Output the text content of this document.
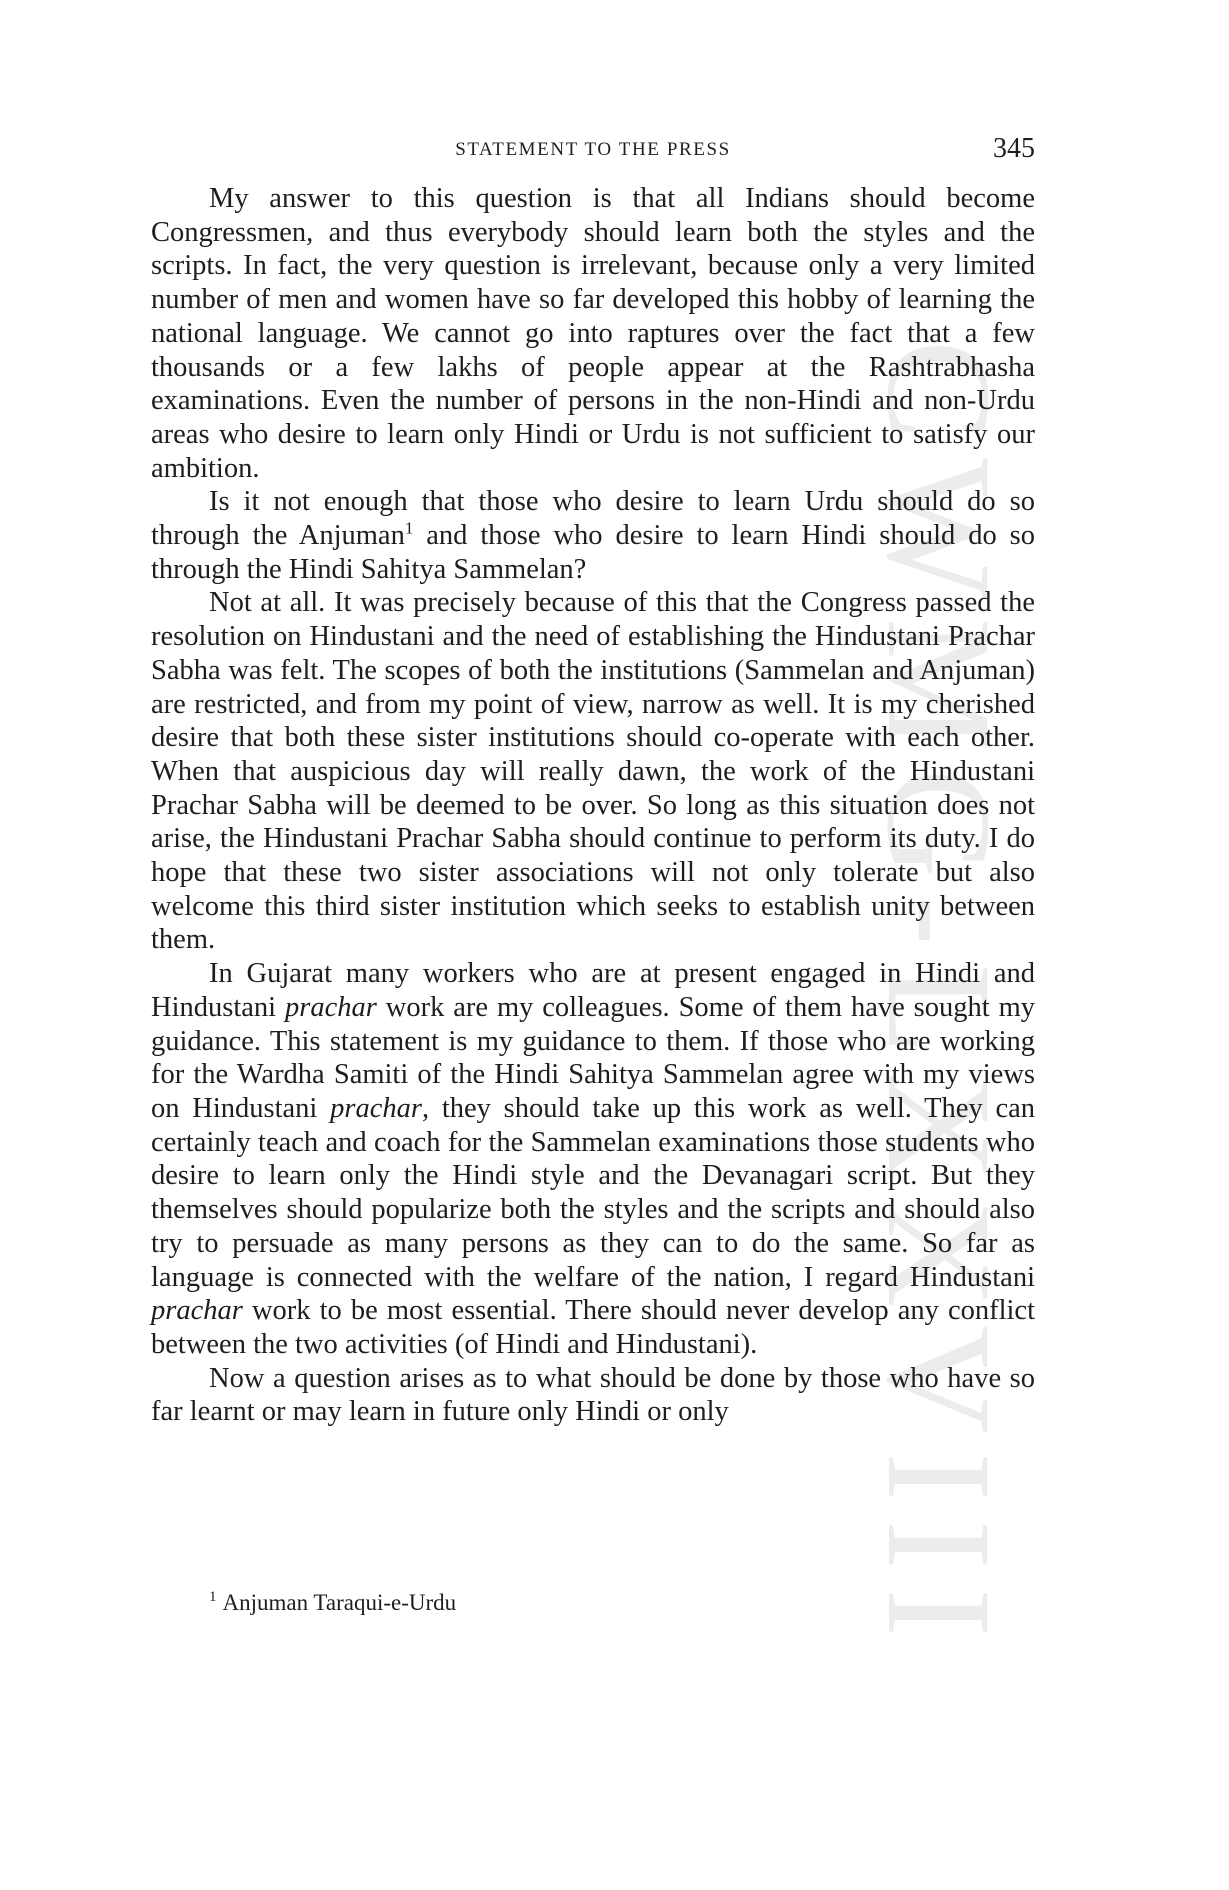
CWMG-LXXVIII
STATEMENT TO THE PRESS	345

My answer to this question is that all Indians should become Congressmen, and thus everybody should learn both the styles and the scripts. In fact, the very question is irrelevant, because only a very limited number of men and women have so far developed this hobby of learning the national language. We cannot go into raptures over the fact that a few thousands or a few lakhs of people appear at the Rashtrabhasha examinations. Even the number of persons in the non-Hindi and non-Urdu areas who desire to learn only Hindi or Urdu is not sufficient to satisfy our ambition.

Is it not enough that those who desire to learn Urdu should do so through the Anjuman$^1$ and those who desire to learn Hindi should do so through the Hindi Sahitya Sammelan?

Not at all. It was precisely because of this that the Congress passed the resolution on Hindustani and the need of establishing the Hindustani Prachar Sabha was felt. The scopes of both the institutions (Sammelan and Anjuman) are restricted, and from my point of view, narrow as well. It is my cherished desire that both these sister institutions should co-operate with each other. When that auspicious day will really dawn, the work of the Hindustani Prachar Sabha will be deemed to be over. So long as this situation does not arise, the Hindustani Prachar Sabha should continue to perform its duty. I do hope that these two sister associations will not only tolerate but also welcome this third sister institution which seeks to establish unity between them.

In Gujarat many workers who are at present engaged in Hindi and Hindustani prachar work are my colleagues. Some of them have sought my guidance. This statement is my guidance to them. If those who are working for the Wardha Samiti of the Hindi Sahitya Sammelan agree with my views on Hindustani prachar, they should take up this work as well. They can certainly teach and coach for the Sammelan examinations those students who desire to learn only the Hindi style and the Devanagari script. But they themselves should popularize both the styles and the scripts and should also try to persuade as many persons as they can to do the same. So far as language is connected with the welfare of the nation, I regard Hindustani prachar work to be most essential. There should never develop any conflict between the two activities (of Hindi and Hindustani).

Now a question arises as to what should be done by those who have so far learnt or may learn in future only Hindi or only

$^1$ Anjuman Taraqui-e-Urdu
